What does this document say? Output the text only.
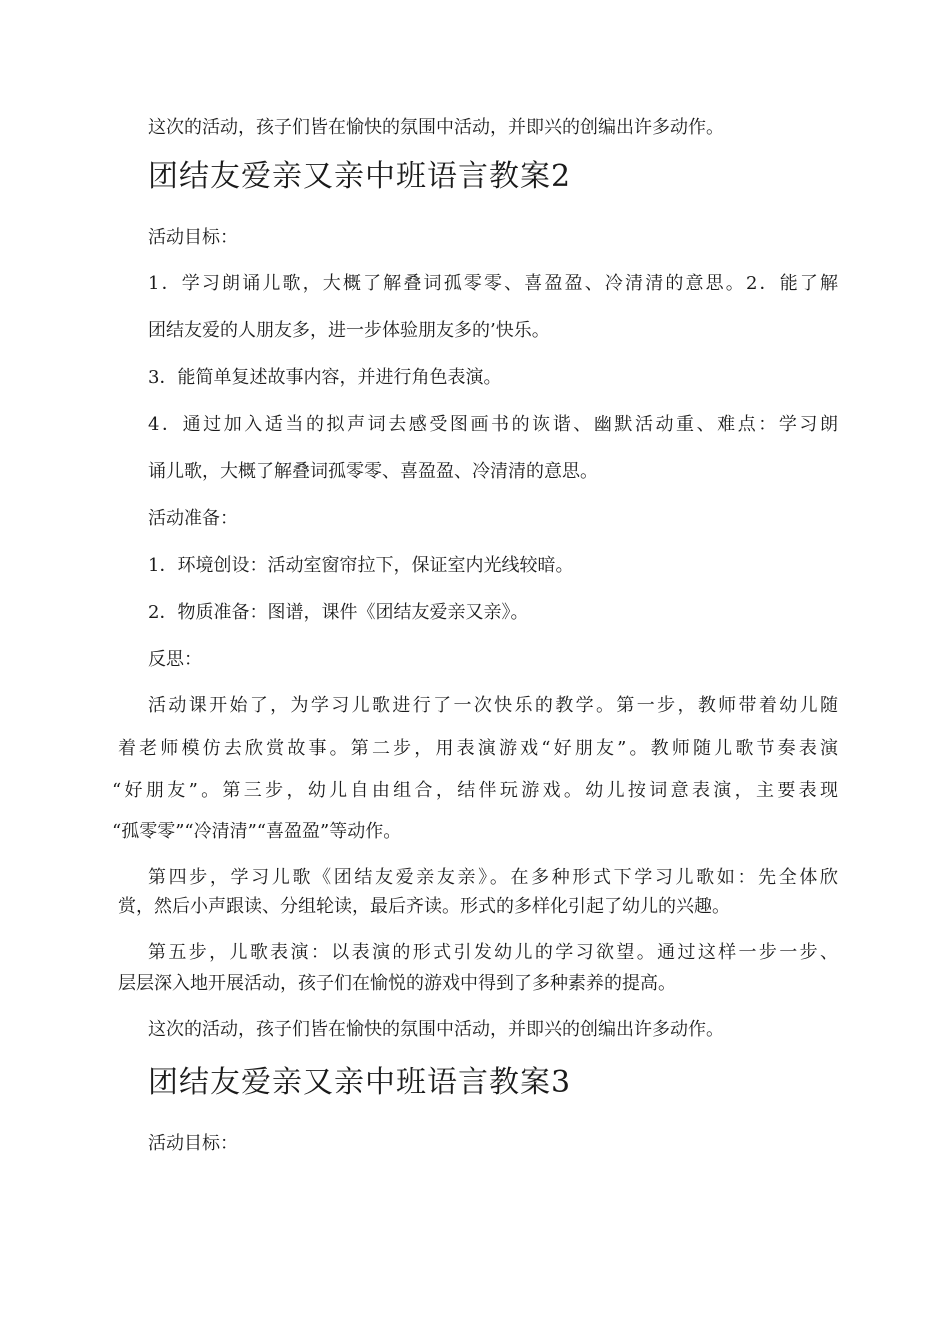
这次的活动，孩子们皆在愉快的氛围中活动，并即兴的创编出许多动作。

团结友爱亲又亲中班语言教案2

活动目标：

1．学习朗诵儿歌，大概了解叠词孤零零、喜盈盈、冷清清的意思。2．能了解

团结友爱的人朋友多，进一步体验朋友多的’快乐。

3．能简单复述故事内容，并进行角色表演。

4．通过加入适当的拟声词去感受图画书的诙谐、幽默活动重、难点：学习朗

诵儿歌，大概了解叠词孤零零、喜盈盈、冷清清的意思。

活动准备：

1．环境创设：活动室窗帘拉下，保证室内光线较暗。

2．物质准备：图谱，课件《团结友爱亲又亲》。

反思：

活动课开始了，为学习儿歌进行了一次快乐的教学。第一步，教师带着幼儿随

着老师模仿去欣赏故事。第二步，用表演游戏“好朋友”。教师随儿歌节奏表演

“好朋友”。第三步，幼儿自由组合，结伴玩游戏。幼儿按词意表演，主要表现

“孤零零”“冷清清”“喜盈盈”等动作。

第四步，学习儿歌《团结友爱亲友亲》。在多种形式下学习儿歌如：先全体欣

赏，然后小声跟读、分组轮读，最后齐读。形式的多样化引起了幼儿的兴趣。

第五步，儿歌表演：以表演的形式引发幼儿的学习欲望。通过这样一步一步、

层层深入地开展活动，孩子们在愉悦的游戏中得到了多种素养的提高。

这次的活动，孩子们皆在愉快的氛围中活动，并即兴的创编出许多动作。

团结友爱亲又亲中班语言教案3

活动目标：
